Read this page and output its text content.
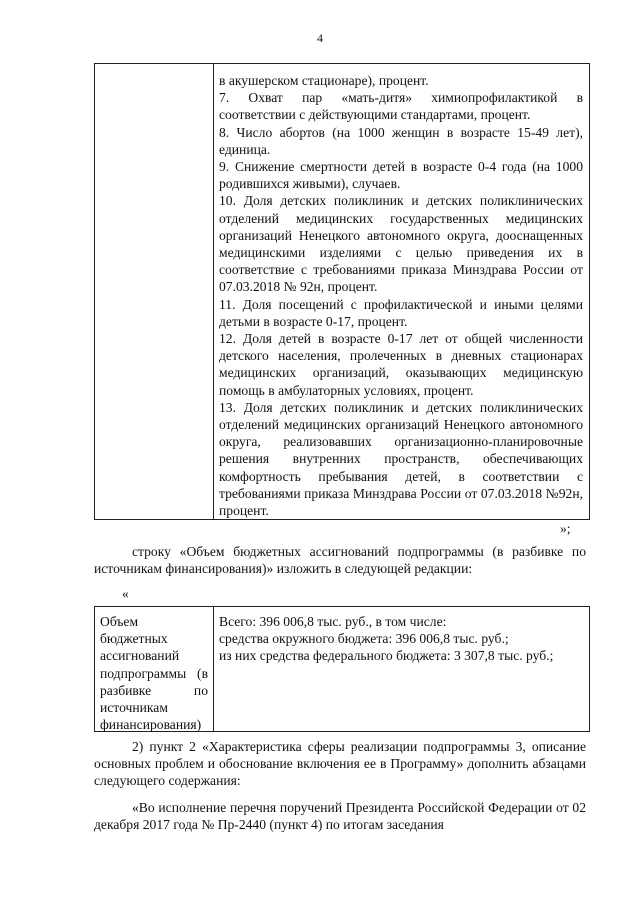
4

в акушерском стационаре), процент.

7. Охват пар «мать-дитя» химиопрофилактикой в соответствии с действующими стандартами, процент.

8. Число абортов (на 1000 женщин в возрасте 15-49 лет), единица.

9. Снижение смертности детей в возрасте 0-4 года (на 1000 родившихся живыми), случаев.

10. Доля детских поликлиник и детских поликлинических отделений медицинских государственных медицинских организаций Ненецкого автономного округа, дооснащенных медицинскими изделиями с целью приведения их в соответствие с требованиями приказа Минздрава России от 07.03.2018 № 92н, процент.

11. Доля посещений с профилактической и иными целями детьми в возрасте 0-17, процент.

12. Доля детей в возрасте 0-17 лет от общей численности детского населения, пролеченных в дневных стационарах медицинских организаций, оказывающих медицинскую помощь в амбулаторных условиях, процент.

13. Доля детских поликлиник и детских поликлинических отделений медицинских организаций Ненецкого автономного округа, реализовавших организационно-планировочные решения внутренних пространств, обеспечивающих комфортность пребывания детей, в соответствии с требованиями приказа Минздрава России от 07.03.2018 №92н, процент.

»;

строку «Объем бюджетных ассигнований подпрограммы (в разбивке по источникам финансирования)» изложить в следующей редакции:

«

Объем бюджетных ассигнований подпрограммы (в разбивке по источникам финансирования)

Всего: 396 006,8 тыс. руб., в том числе:

средства окружного бюджета: 396 006,8 тыс. руб.;

из них средства федерального бюджета: 3 307,8 тыс. руб.;

2) пункт 2 «Характеристика сферы реализации подпрограммы 3, описание основных проблем и обоснование включения ее в Программу» дополнить абзацами следующего содержания:

«Во исполнение перечня поручений Президента Российской Федерации от 02 декабря 2017 года № Пр-2440 (пункт 4) по итогам заседания
